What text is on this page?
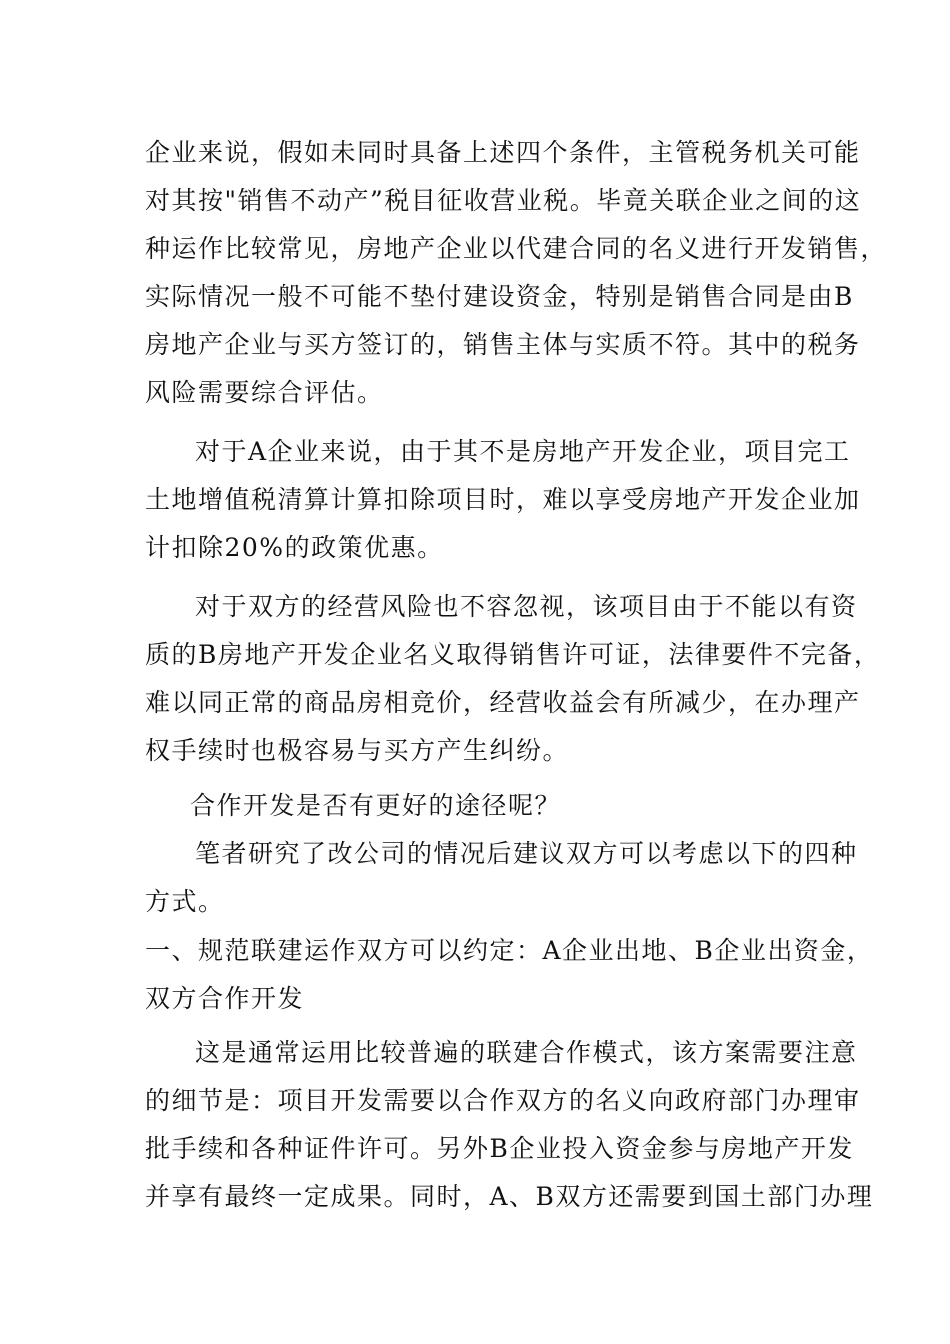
企业来说，假如未同时具备上述四个条件，主管税务机关可能
对其按"销售不动产”税目征收营业税。毕竟关联企业之间的这
种运作比较常见，房地产企业以代建合同的名义进行开发销售，
实际情况一般不可能不垫付建设资金，特别是销售合同是由B
房地产企业与买方签订的，销售主体与实质不符。其中的税务
风险需要综合评估。
对于A企业来说，由于其不是房地产开发企业，项目完工
土地增值税清算计算扣除项目时，难以享受房地产开发企业加
计扣除20%的政策优惠。
对于双方的经营风险也不容忽视，该项目由于不能以有资
质的B房地产开发企业名义取得销售许可证，法律要件不完备，
难以同正常的商品房相竞价，经营收益会有所减少，在办理产
权手续时也极容易与买方产生纠纷。
合作开发是否有更好的途径呢？
笔者研究了改公司的情况后建议双方可以考虑以下的四种
方式。
一、规范联建运作双方可以约定：A企业出地、B企业出资金，
双方合作开发
这是通常运用比较普遍的联建合作模式，该方案需要注意
的细节是：项目开发需要以合作双方的名义向政府部门办理审
批手续和各种证件许可。另外B企业投入资金参与房地产开发
并享有最终一定成果。同时，A、B双方还需要到国土部门办理
